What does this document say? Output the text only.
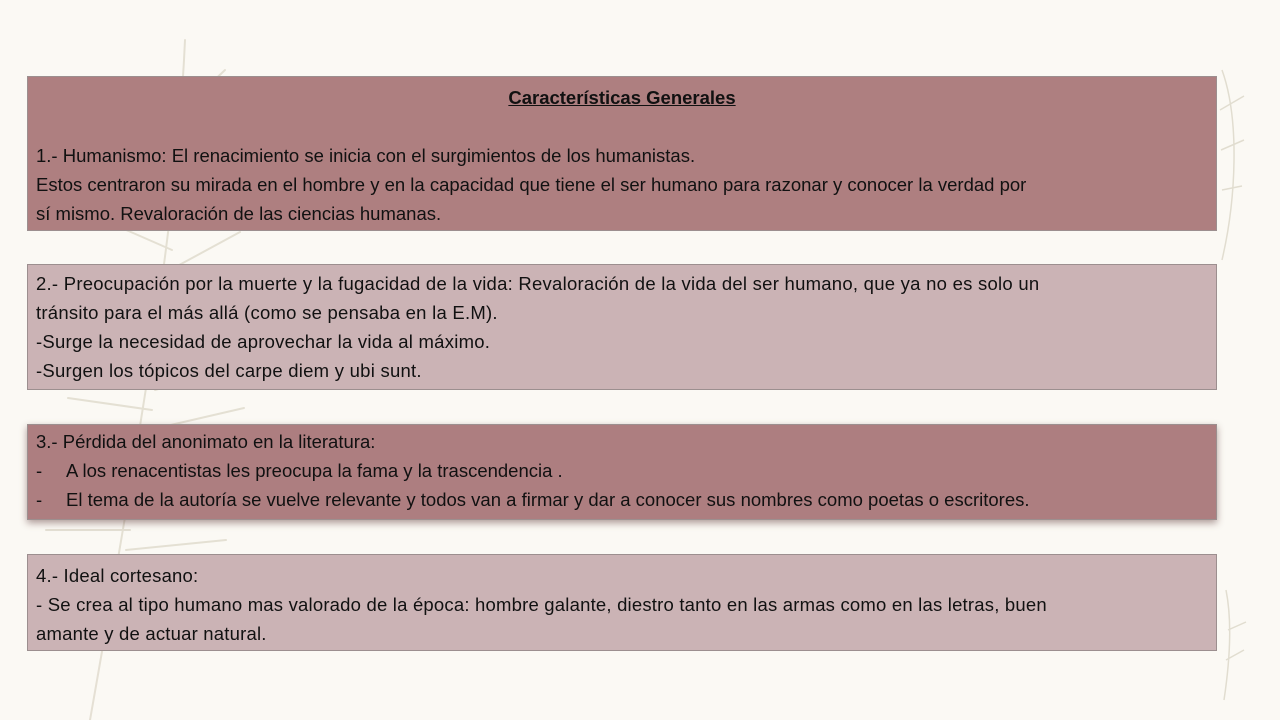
Características Generales

1.- Humanismo: El renacimiento se inicia con el surgimientos de los humanistas.

Estos centraron su mirada en el hombre y en la capacidad que tiene el ser humano para razonar y conocer la verdad por

sí mismo. Revaloración de las ciencias humanas.

2.- Preocupación por la muerte y la fugacidad de la vida: Revaloración de la vida del ser humano, que ya no es solo un

tránsito para el más allá (como se pensaba en la E.M).

-Surge la necesidad de aprovechar la vida al máximo.

-Surgen los tópicos del carpe diem y ubi sunt.

3.- Pérdida del anonimato en la literatura:

- A los renacentistas les preocupa la fama y la trascendencia .

- El tema de la autoría se vuelve relevante y todos van a firmar y dar a conocer sus nombres como poetas o escritores.

4.- Ideal cortesano:

- Se crea al tipo humano mas valorado de la época: hombre galante, diestro tanto en las armas como en las letras, buen

amante y de actuar natural.
